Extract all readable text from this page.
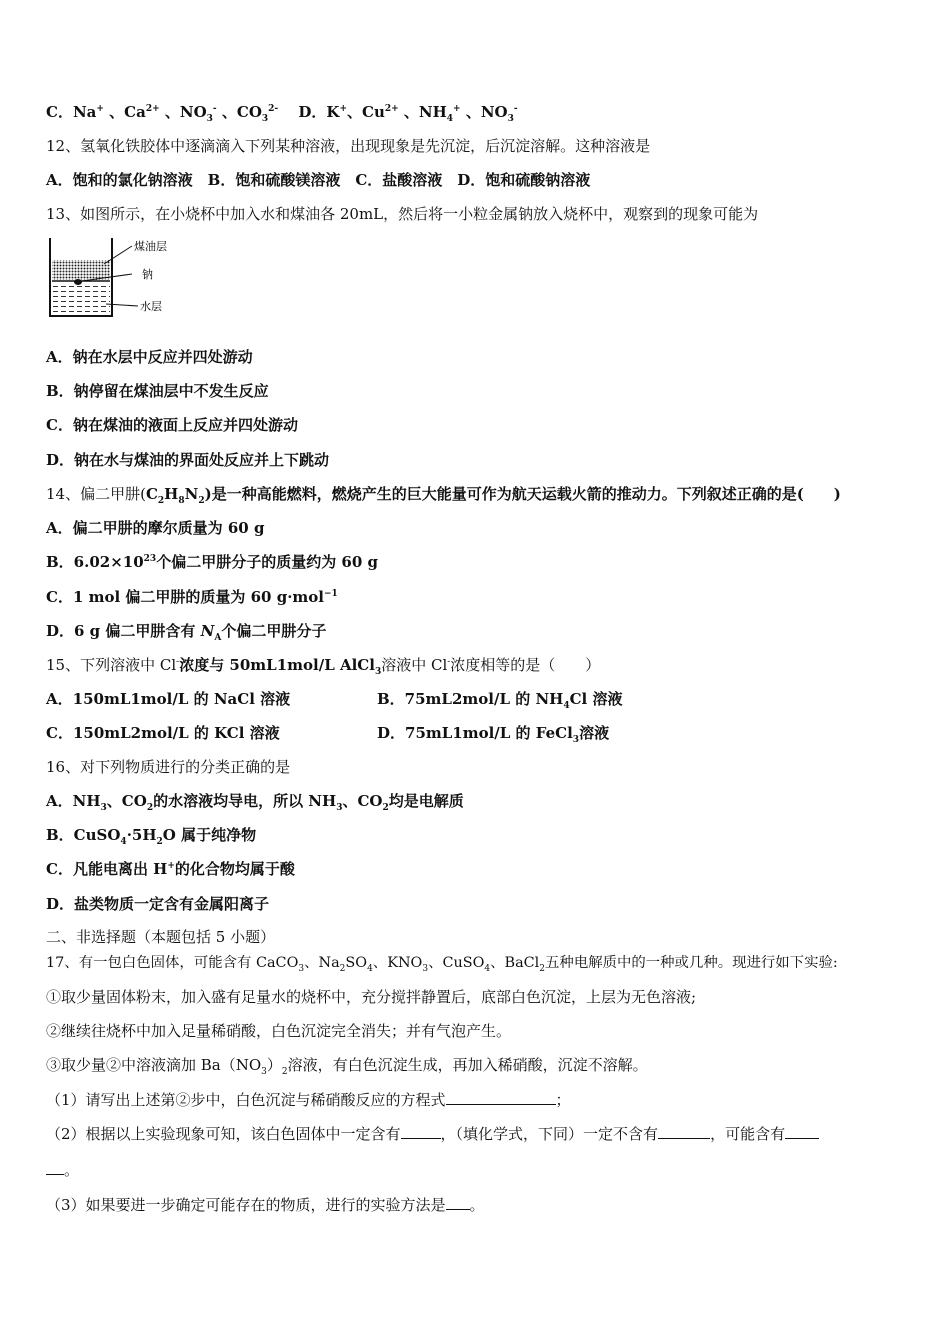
C．Na+ 、$Ca^{2+}$ 、$NO_3^-$ 、$CO_3^{2-}$　 D．K+、$Cu^{2+}$ 、$NH_4^+$ 、$NO_3^-$
12、氢氧化铁胶体中逐滴滴入下列某种溶液，出现现象是先沉淀，后沉淀溶解。这种溶液是
A．饱和的氯化钠溶液　B．饱和硫酸镁溶液　C．盐酸溶液　D．饱和硫酸钠溶液
13、如图所示，在小烧杯中加入水和煤油各 20mL，然后将一小粒金属钠放入烧杯中，观察到的现象可能为
煤油层
钠
水层
A．钠在水层中反应并四处游动
B．钠停留在煤油层中不发生反应
C．钠在煤油的液面上反应并四处游动
D．钠在水与煤油的界面处反应并上下跳动
14、偏二甲肼$(C_2H_8N_2)$是一种高能燃料，燃烧产生的巨大能量可作为航天运载火箭的推动力。下列叙述正确的是(　　)
A．偏二甲肼的摩尔质量为 60 g
B．$6.02\times 10^{23}$个偏二甲肼分子的质量约为 60 g
C．1 mol 偏二甲肼的质量为 60 g·mol$^{-1}$
D．6 g 偏二甲肼含有 $N_A$个偏二甲肼分子
15、下列溶液中 Cl-浓度与 50mL1mol/L AlCl$_3$溶液中 Cl-浓度相等的是（　　）
A．150mL1mol/L 的 NaCl 溶液	B．75mL2mol/L 的 $NH_4Cl$ 溶液
C．150mL2mol/L 的 KCl 溶液	D．75mL1mol/L 的 FeCl$_3$溶液
16、对下列物质进行的分类正确的是
A．$NH_3$、$CO_2$的水溶液均导电，所以 $NH_3$、$CO_2$均是电解质
B．$CuSO_4\cdot 5H_2O$ 属于纯净物
C．凡能电离出 H+的化合物均属于酸
D．盐类物质一定含有金属阳离子
二、非选择题（本题包括 5 小题）
17、有一包白色固体，可能含有 CaCO$_3$、$Na_2SO_4$、$KNO_3$、CuSO$_4$、BaCl$_2$五种电解质中的一种或几种。现进行如下实验:
①取少量固体粉末，加入盛有足量水的烧杯中，充分搅拌静置后，底部白色沉淀，上层为无色溶液;
②继续往烧杯中加入足量稀硝酸，白色沉淀完全消失；并有气泡产生。
③取少量②中溶液滴加 $Ba(NO_3)_2$溶液，有白色沉淀生成，再加入稀硝酸，沉淀不溶解。
（1）请写出上述第②步中，白色沉淀与稀硝酸反应的方程式	；
（2）根据以上实验现象可知，该白色固体中一定含有	，（填化学式，下同）一定不含有	，可能含有
。
（3）如果要进一步确定可能存在的物质，进行的实验方法是 。
